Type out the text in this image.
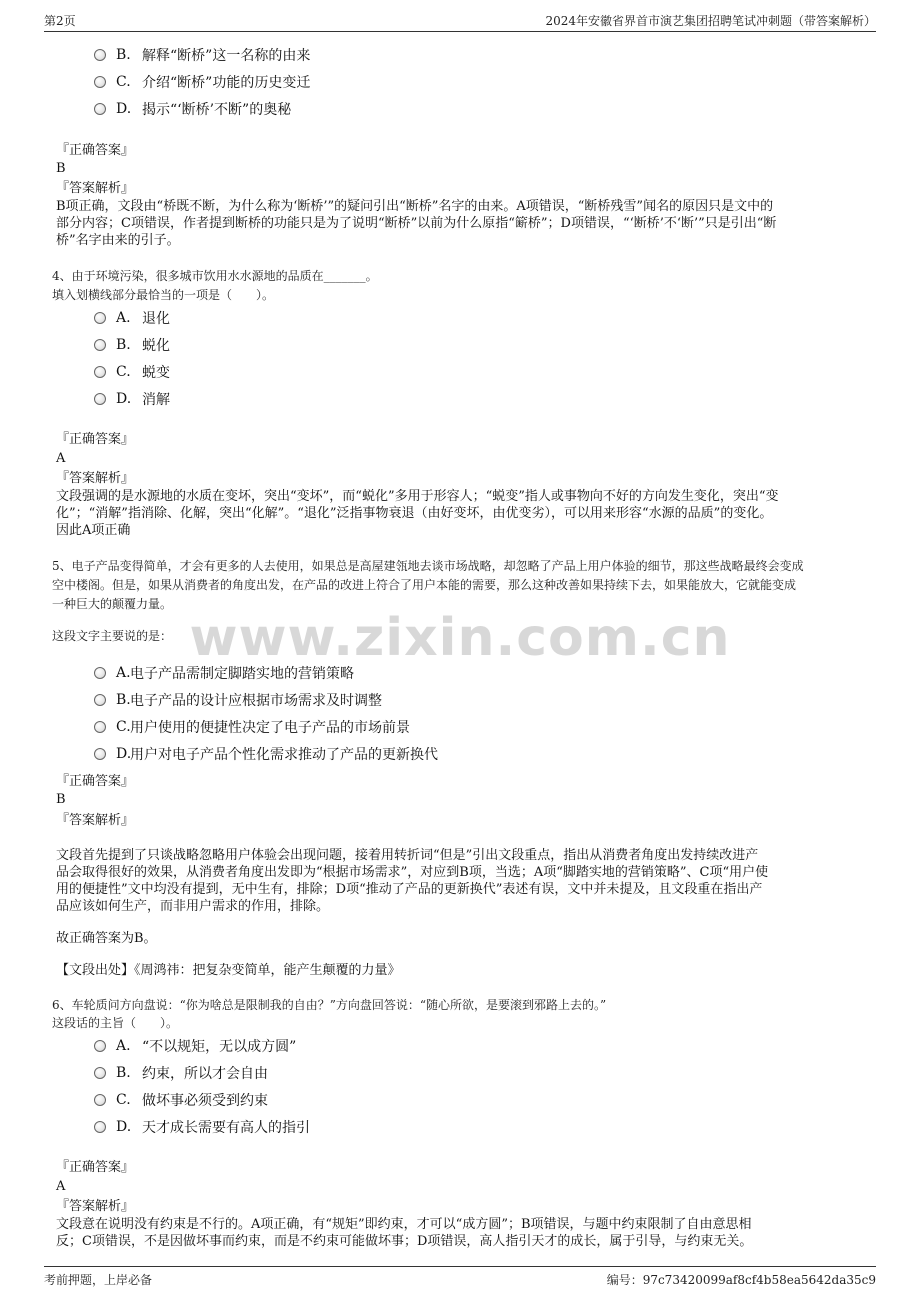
www.zixin.com.cn
第2页	2024年安徽省界首市演艺集团招聘笔试冲刺题（带答案解析）
B. 解释“断桥”这一名称的由来
C. 介绍“断桥”功能的历史变迁
D. 揭示“‘断桥’不断”的奥秘
『正确答案』
B
『答案解析』
B项正确，文段由“桥既不断，为什么称为‘断桥’”的疑问引出“断桥”名字的由来。A项错误，“断桥残雪”闻名的原因只是文中的
部分内容；C项错误，作者提到断桥的功能只是为了说明“断桥”以前为什么原指“簖桥”；D项错误，“‘断桥’不‘断’”只是引出“断
桥”名字由来的引子。
4、由于环境污染，很多城市饮用水水源地的品质在_______。
填入划横线部分最恰当的一项是（　　）。
A. 退化
B. 蜕化
C. 蜕变
D. 消解
『正确答案』
A
『答案解析』
文段强调的是水源地的水质在变坏，突出“变坏”，而“蜕化”多用于形容人；“蜕变”指人或事物向不好的方向发生变化，突出“变
化”；“消解”指消除、化解，突出“化解”。“退化”泛指事物衰退（由好变坏，由优变劣），可以用来形容“水源的品质”的变化。
因此A项正确
5、电子产品变得简单，才会有更多的人去使用，如果总是高屋建瓴地去谈市场战略，却忽略了产品上用户体验的细节，那这些战略最终会变成
空中楼阁。但是，如果从消费者的角度出发，在产品的改进上符合了用户本能的需要，那么这种改善如果持续下去，如果能放大，它就能变成
一种巨大的颠覆力量。
这段文字主要说的是：
A. 电子产品需制定脚踏实地的营销策略
B. 电子产品的设计应根据市场需求及时调整
C. 用户使用的便捷性决定了电子产品的市场前景
D.
用户对电子产品个性化需求推动了产品的更新换代
『正确答案』
B
『答案解析』
文段首先提到了只谈战略忽略用户体验会出现问题，接着用转折词“但是”引出文段重点，指出从消费者角度出发持续改进产
品会取得很好的效果，从消费者角度出发即为“根据市场需求”，对应到B项，当选；A项“脚踏实地的营销策略”、C项“用户使
用的便捷性”文中均没有提到，无中生有，排除；D项“推动了产品的更新换代”表述有误，文中并未提及，且文段重在指出产
品应该如何生产，而非用户需求的作用，排除。
故正确答案为B。
【文段出处】《周鸿祎：把复杂变简单，能产生颠覆的力量》
6、车轮质问方向盘说：“你为啥总是限制我的自由？”方向盘回答说：“随心所欲，是要滚到邪路上去的。”
这段话的主旨（　　）。
A. “不以规矩，无以成方圆”
B. 约束，所以才会自由
C. 做坏事必须受到约束
D. 天才成长需要有高人的指引
『正确答案』
A
『答案解析』
文段意在说明没有约束是不行的。A项正确，有“规矩”即约束，才可以“成方圆”；B项错误，与题中约束限制了自由意思相
反；C项错误，不是因做坏事而约束，而是不约束可能做坏事；D项错误，高人指引天才的成长，属于引导，与约束无关。
考前押题，上岸必备	编号：97c73420099af8cf4b58ea5642da35c9
